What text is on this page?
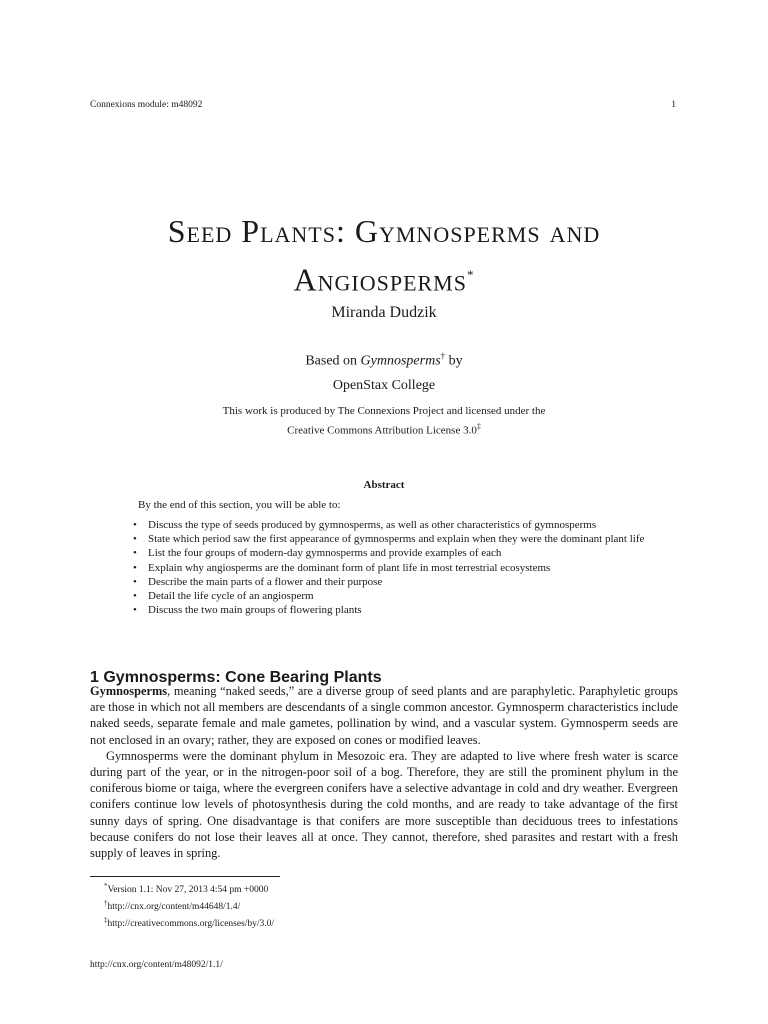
Connexions module: m48092	1
Seed Plants: Gymnosperms and
Angiosperms*
Miranda Dudzik
Based on Gymnosperms† by
OpenStax College
This work is produced by The Connexions Project and licensed under the
Creative Commons Attribution License 3.0‡
Abstract
By the end of this section, you will be able to:
• Discuss the type of seeds produced by gymnosperms, as well as other characteristics of gymnosperms
• State which period saw the first appearance of gymnosperms and explain when they were the dominant plant life
• List the four groups of modern-day gymnosperms and provide examples of each
• Explain why angiosperms are the dominant form of plant life in most terrestrial ecosystems
• Describe the main parts of a flower and their purpose
• Detail the life cycle of an angiosperm
• Discuss the two main groups of flowering plants
1 Gymnosperms: Cone Bearing Plants

Gymnosperms, meaning “naked seeds,” are a diverse group of seed plants and are paraphyletic. Paraphyletic groups are those in which not all members are descendants of a single common ancestor. Gymnosperm characteristics include naked seeds, separate female and male gametes, pollination by wind, and a vascular system. Gymnosperm seeds are not enclosed in an ovary; rather, they are exposed on cones or modified leaves.

Gymnosperms were the dominant phylum in Mesozoic era. They are adapted to live where fresh water is scarce during part of the year, or in the nitrogen-poor soil of a bog. Therefore, they are still the prominent phylum in the coniferous biome or taiga, where the evergreen conifers have a selective advantage in cold and dry weather. Evergreen conifers continue low levels of photosynthesis during the cold months, and are ready to take advantage of the first sunny days of spring. One disadvantage is that conifers are more susceptible than deciduous trees to infestations because conifers do not lose their leaves all at once. They cannot, therefore, shed parasites and restart with a fresh supply of leaves in spring.

*Version 1.1: Nov 27, 2013 4:54 pm +0000
†http://cnx.org/content/m44648/1.4/
‡http://creativecommons.org/licenses/by/3.0/
http://cnx.org/content/m48092/1.1/
